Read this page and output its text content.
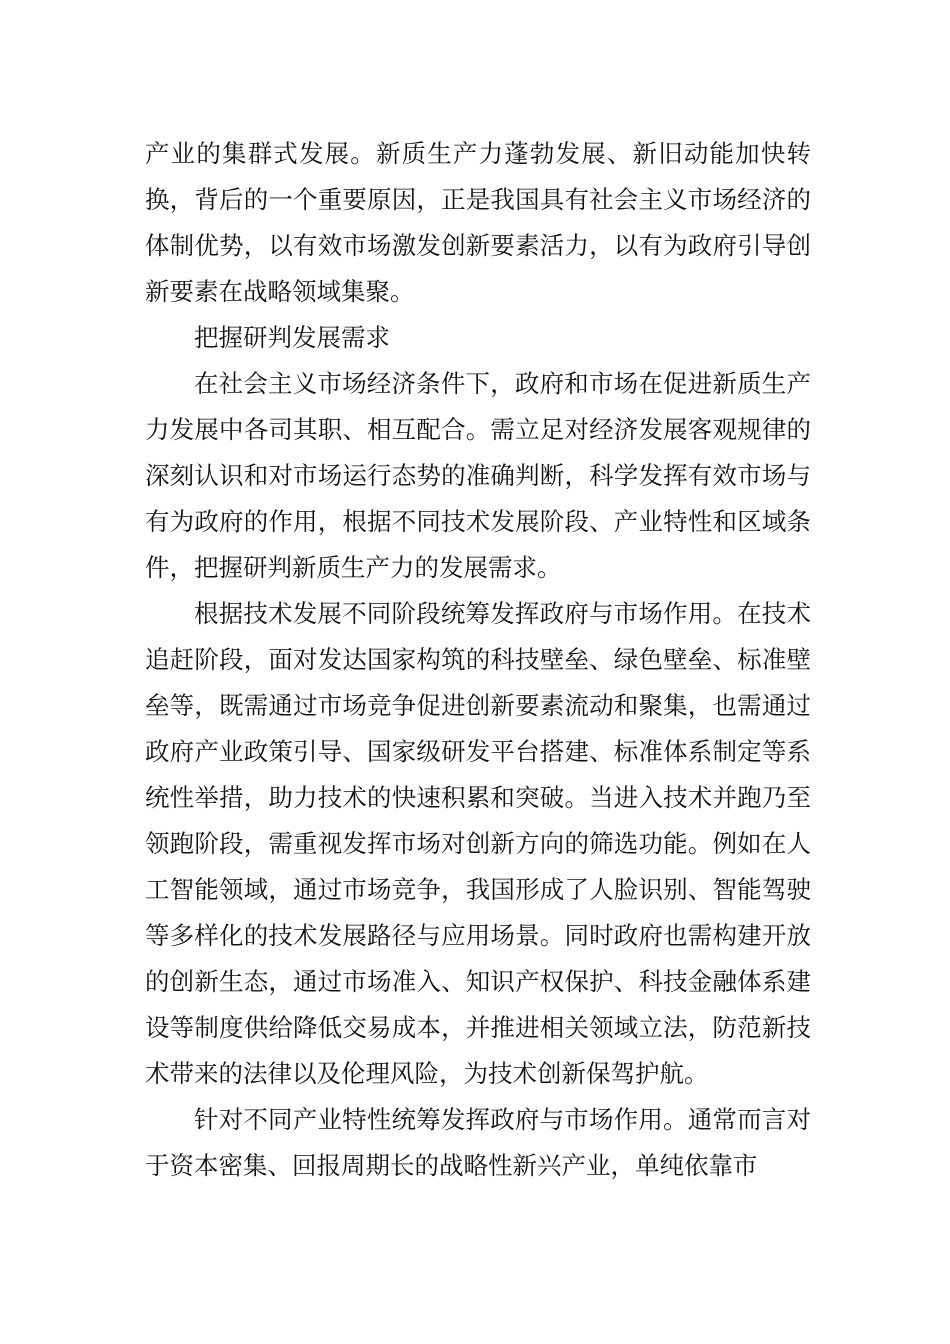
产业的集群式发展。新质生产力蓬勃发展、新旧动能加快转换，背后的一个重要原因，正是我国具有社会主义市场经济的体制优势，以有效市场激发创新要素活力，以有为政府引导创新要素在战略领域集聚。

把握研判发展需求

在社会主义市场经济条件下，政府和市场在促进新质生产力发展中各司其职、相互配合。需立足对经济发展客观规律的深刻认识和对市场运行态势的准确判断，科学发挥有效市场与有为政府的作用，根据不同技术发展阶段、产业特性和区域条件，把握研判新质生产力的发展需求。

根据技术发展不同阶段统筹发挥政府与市场作用。在技术追赶阶段，面对发达国家构筑的科技壁垒、绿色壁垒、标准壁垒等，既需通过市场竞争促进创新要素流动和聚集，也需通过政府产业政策引导、国家级研发平台搭建、标准体系制定等系统性举措，助力技术的快速积累和突破。当进入技术并跑乃至领跑阶段，需重视发挥市场对创新方向的筛选功能。例如在人工智能领域，通过市场竞争，我国形成了人脸识别、智能驾驶等多样化的技术发展路径与应用场景。同时政府也需构建开放的创新生态，通过市场准入、知识产权保护、科技金融体系建设等制度供给降低交易成本，并推进相关领域立法，防范新技术带来的法律以及伦理风险，为技术创新保驾护航。

针对不同产业特性统筹发挥政府与市场作用。通常而言对于资本密集、回报周期长的战略性新兴产业，单纯依靠市
